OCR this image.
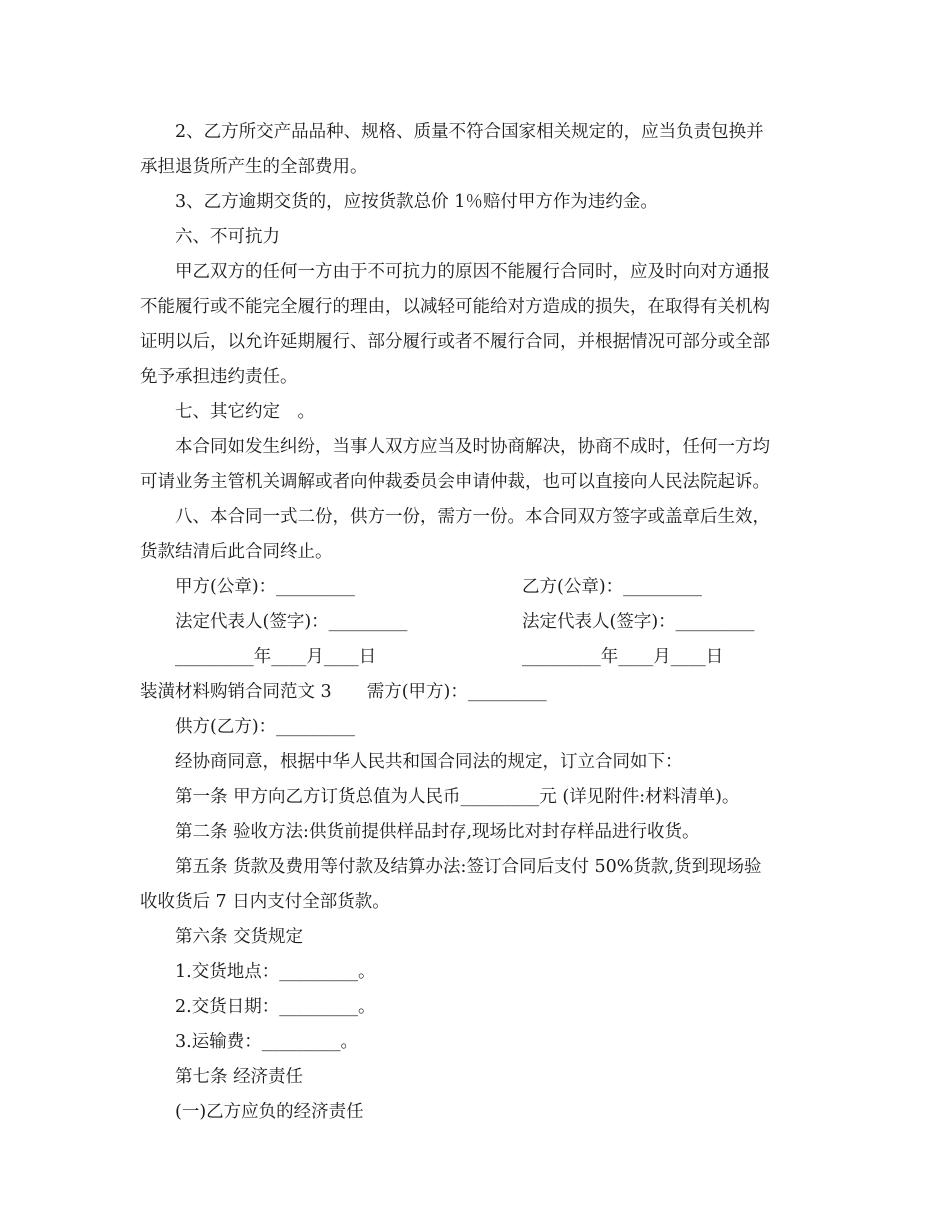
2、乙方所交产品品种、规格、质量不符合国家相关规定的，应当负责包换并
承担退货所产生的全部费用。
3、乙方逾期交货的，应按货款总价 1％赔付甲方作为违约金。
六、不可抗力
甲乙双方的任何一方由于不可抗力的原因不能履行合同时，应及时向对方通报
不能履行或不能完全履行的理由，以减轻可能给对方造成的损失，在取得有关机构
证明以后，以允许延期履行、部分履行或者不履行合同，并根据情况可部分或全部
免予承担违约责任。
七、其它约定　。
本合同如发生纠纷，当事人双方应当及时协商解决，协商不成时，任何一方均
可请业务主管机关调解或者向仲裁委员会申请仲裁，也可以直接向人民法院起诉。
八、本合同一式二份，供方一份，需方一份。本合同双方签字或盖章后生效，
货款结清后此合同终止。
甲方(公章)：_________	乙方(公章)：_________
法定代表人(签字)：_________	法定代表人(签字)：_________
_________年____月____日	_________年____月____日
装潢材料购销合同范文 3　　需方(甲方)：_________
供方(乙方)：_________
经协商同意，根据中华人民共和国合同法的规定，订立合同如下：
第一条 甲方向乙方订货总值为人民币_________元 (详见附件:材料清单)。
第二条 验收方法:供货前提供样品封存,现场比对封存样品进行收货。
第五条 货款及费用等付款及结算办法:签订合同后支付 50%货款,货到现场验
收收货后 7 日内支付全部货款。
第六条 交货规定
1.交货地点：_________。
2.交货日期：_________。
3.运输费：_________。
第七条 经济责任
(一)乙方应负的经济责任
